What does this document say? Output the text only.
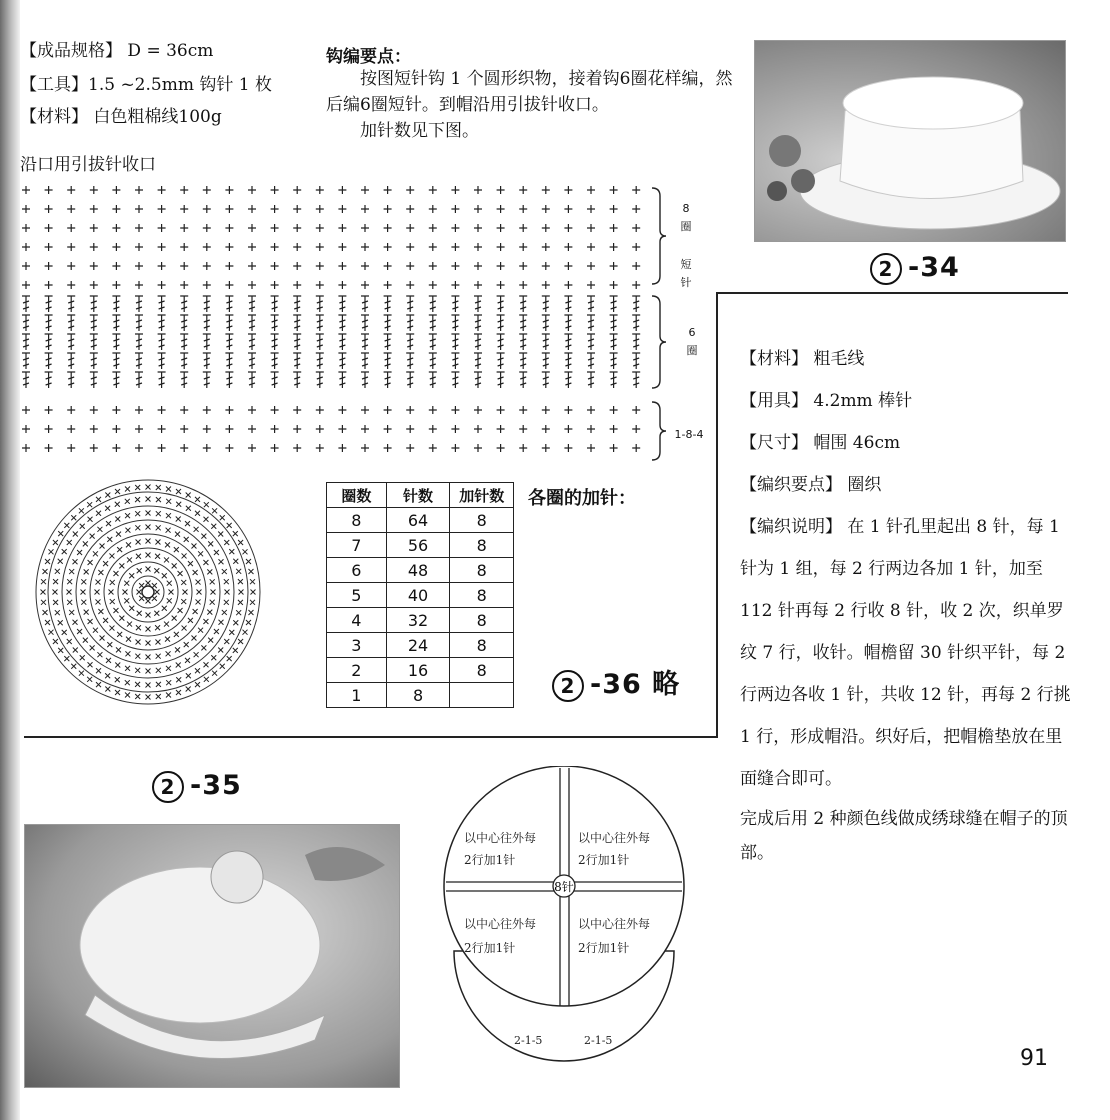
【成品规格】 D = 36cm
【工具】1.5 ~2.5mm 钩针 1 枚
【材料】 白色粗棉线100g
沿口用引拔针收口
钩编要点：

按图短针钩 1 个圆形织物，接着钩6圈花样编，然后编6圈短针。到帽沿用引拔针收口。

加针数见下图。

2 -34
8
圈
短
针
6
圈
1-8-4
圈数	针数	加针数
8	64	8
7	56	8
6	48	8
5	40	8
4	32	8
3	24	8
2	16	8
1	8	
各圈的加针：
2 -36 略
【材料】 粗毛线
【用具】 4.2mm 棒针
【尺寸】 帽围 46cm
【编织要点】 圈织
【编织说明】 在 1 针孔里起出 8 针，每 1 针为 1 组，每 2 行两边各加 1 针，加至 112 针再每 2 行收 8 针，收 2 次，织单罗纹 7 行，收针。帽檐留 30 针织平针，每 2 行两边各收 1 针，共收 12 针，再每 2 行挑 1 行，形成帽沿。织好后，把帽檐垫放在里面缝合即可。
完成后用 2 种颜色线做成绣球缝在帽子的顶部。
2 -35
8针
以中心往外每
2行加1针
以中心往外每
2行加1针
以中心往外每
2行加1针
以中心往外每
2行加1针
2-1-5	2-1-5
91
